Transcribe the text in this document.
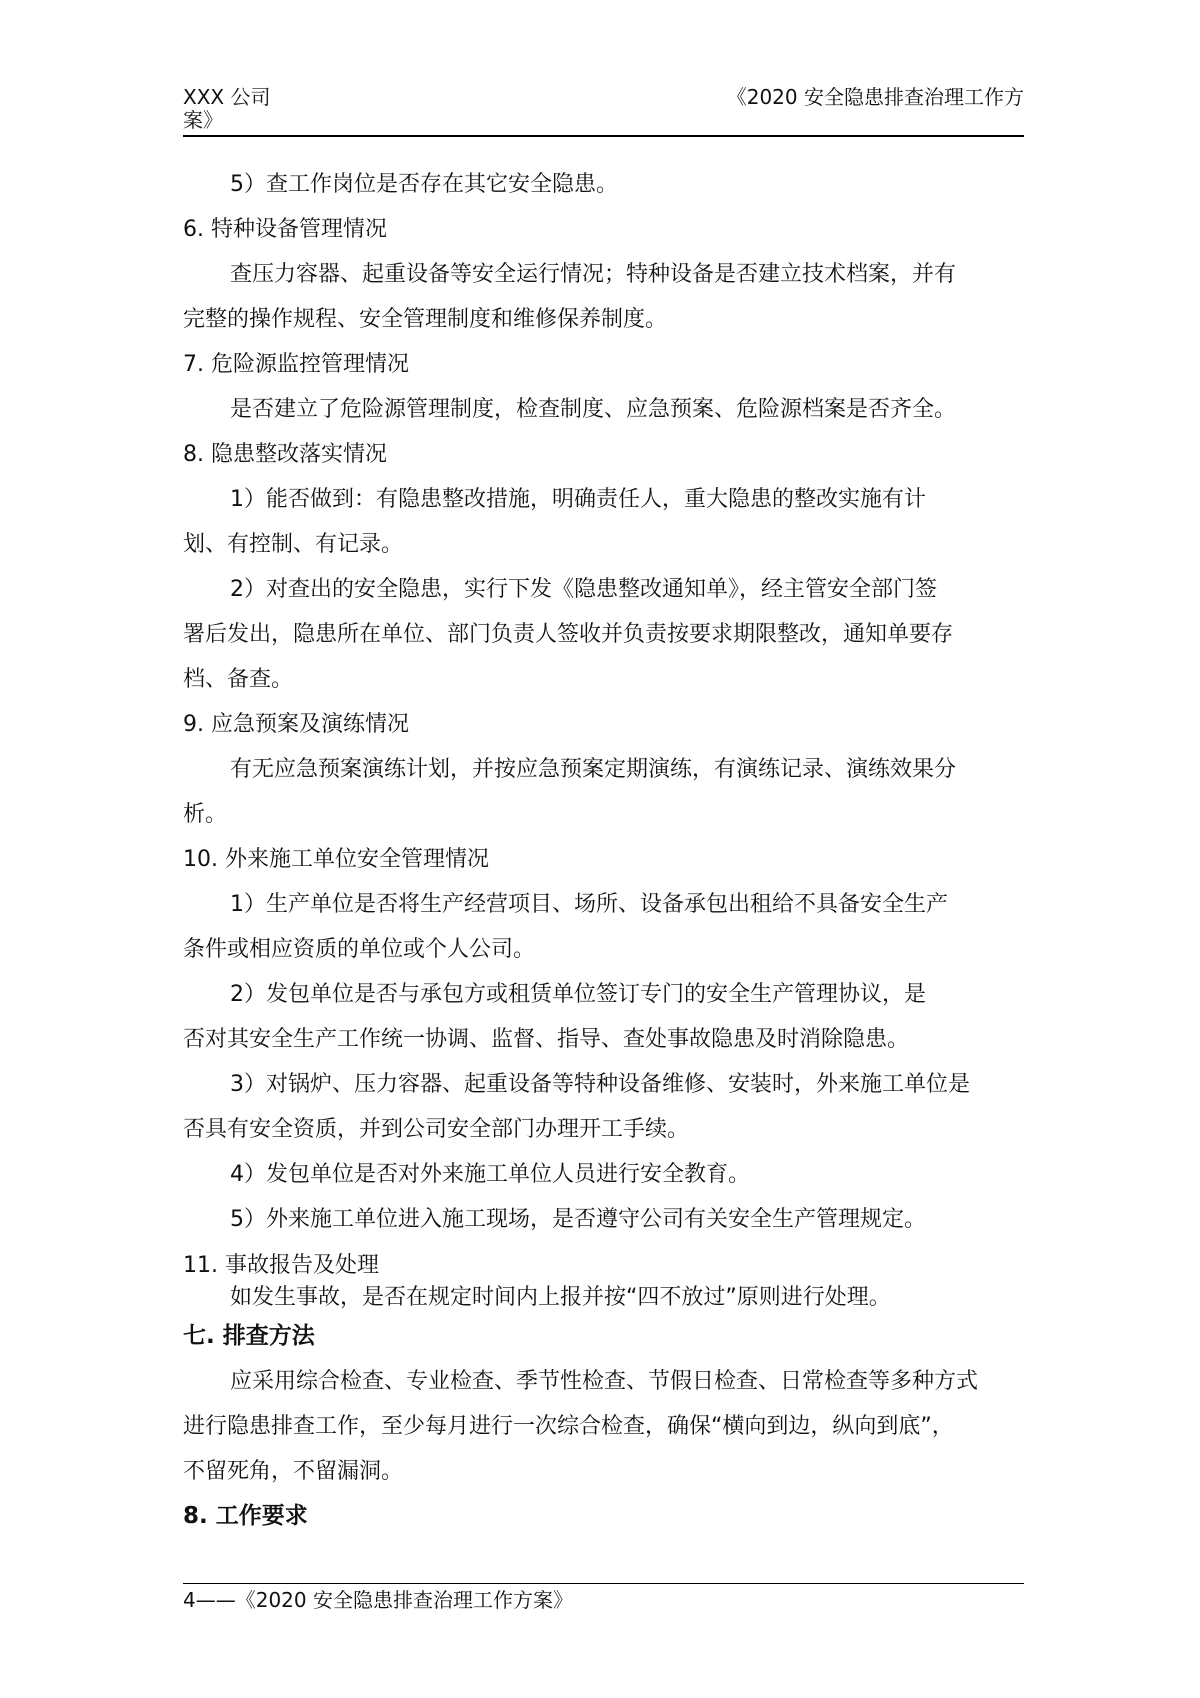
XXX 公司
案》
《2020 安全隐患排查治理工作方

5）查工作岗位是否存在其它安全隐患。

6. 特种设备管理情况

查压力容器、起重设备等安全运行情况；特种设备是否建立技术档案，并有

完整的操作规程、安全管理制度和维修保养制度。

7. 危险源监控管理情况

是否建立了危险源管理制度，检查制度、应急预案、危险源档案是否齐全。

8. 隐患整改落实情况

1）能否做到：有隐患整改措施，明确责任人，重大隐患的整改实施有计

划、有控制、有记录。

2）对查出的安全隐患，实行下发《隐患整改通知单》，经主管安全部门签

署后发出，隐患所在单位、部门负责人签收并负责按要求期限整改，通知单要存

档、备查。

9. 应急预案及演练情况

有无应急预案演练计划，并按应急预案定期演练，有演练记录、演练效果分

析。

10. 外来施工单位安全管理情况

1）生产单位是否将生产经营项目、场所、设备承包出租给不具备安全生产

条件或相应资质的单位或个人公司。

2）发包单位是否与承包方或租赁单位签订专门的安全生产管理协议，是

否对其安全生产工作统一协调、监督、指导、查处事故隐患及时消除隐患。

3）对锅炉、压力容器、起重设备等特种设备维修、安装时，外来施工单位是

否具有安全资质，并到公司安全部门办理开工手续。

4）发包单位是否对外来施工单位人员进行安全教育。

5）外来施工单位进入施工现场，是否遵守公司有关安全生产管理规定。

11. 事故报告及处理

如发生事故，是否在规定时间内上报并按“四不放过”原则进行处理。

七. 排查方法

应采用综合检查、专业检查、季节性检查、节假日检查、日常检查等多种方式

进行隐患排查工作，至少每月进行一次综合检查，确保“横向到边，纵向到底”，

不留死角，不留漏洞。

8. 工作要求

4——《2020 安全隐患排查治理工作方案》
